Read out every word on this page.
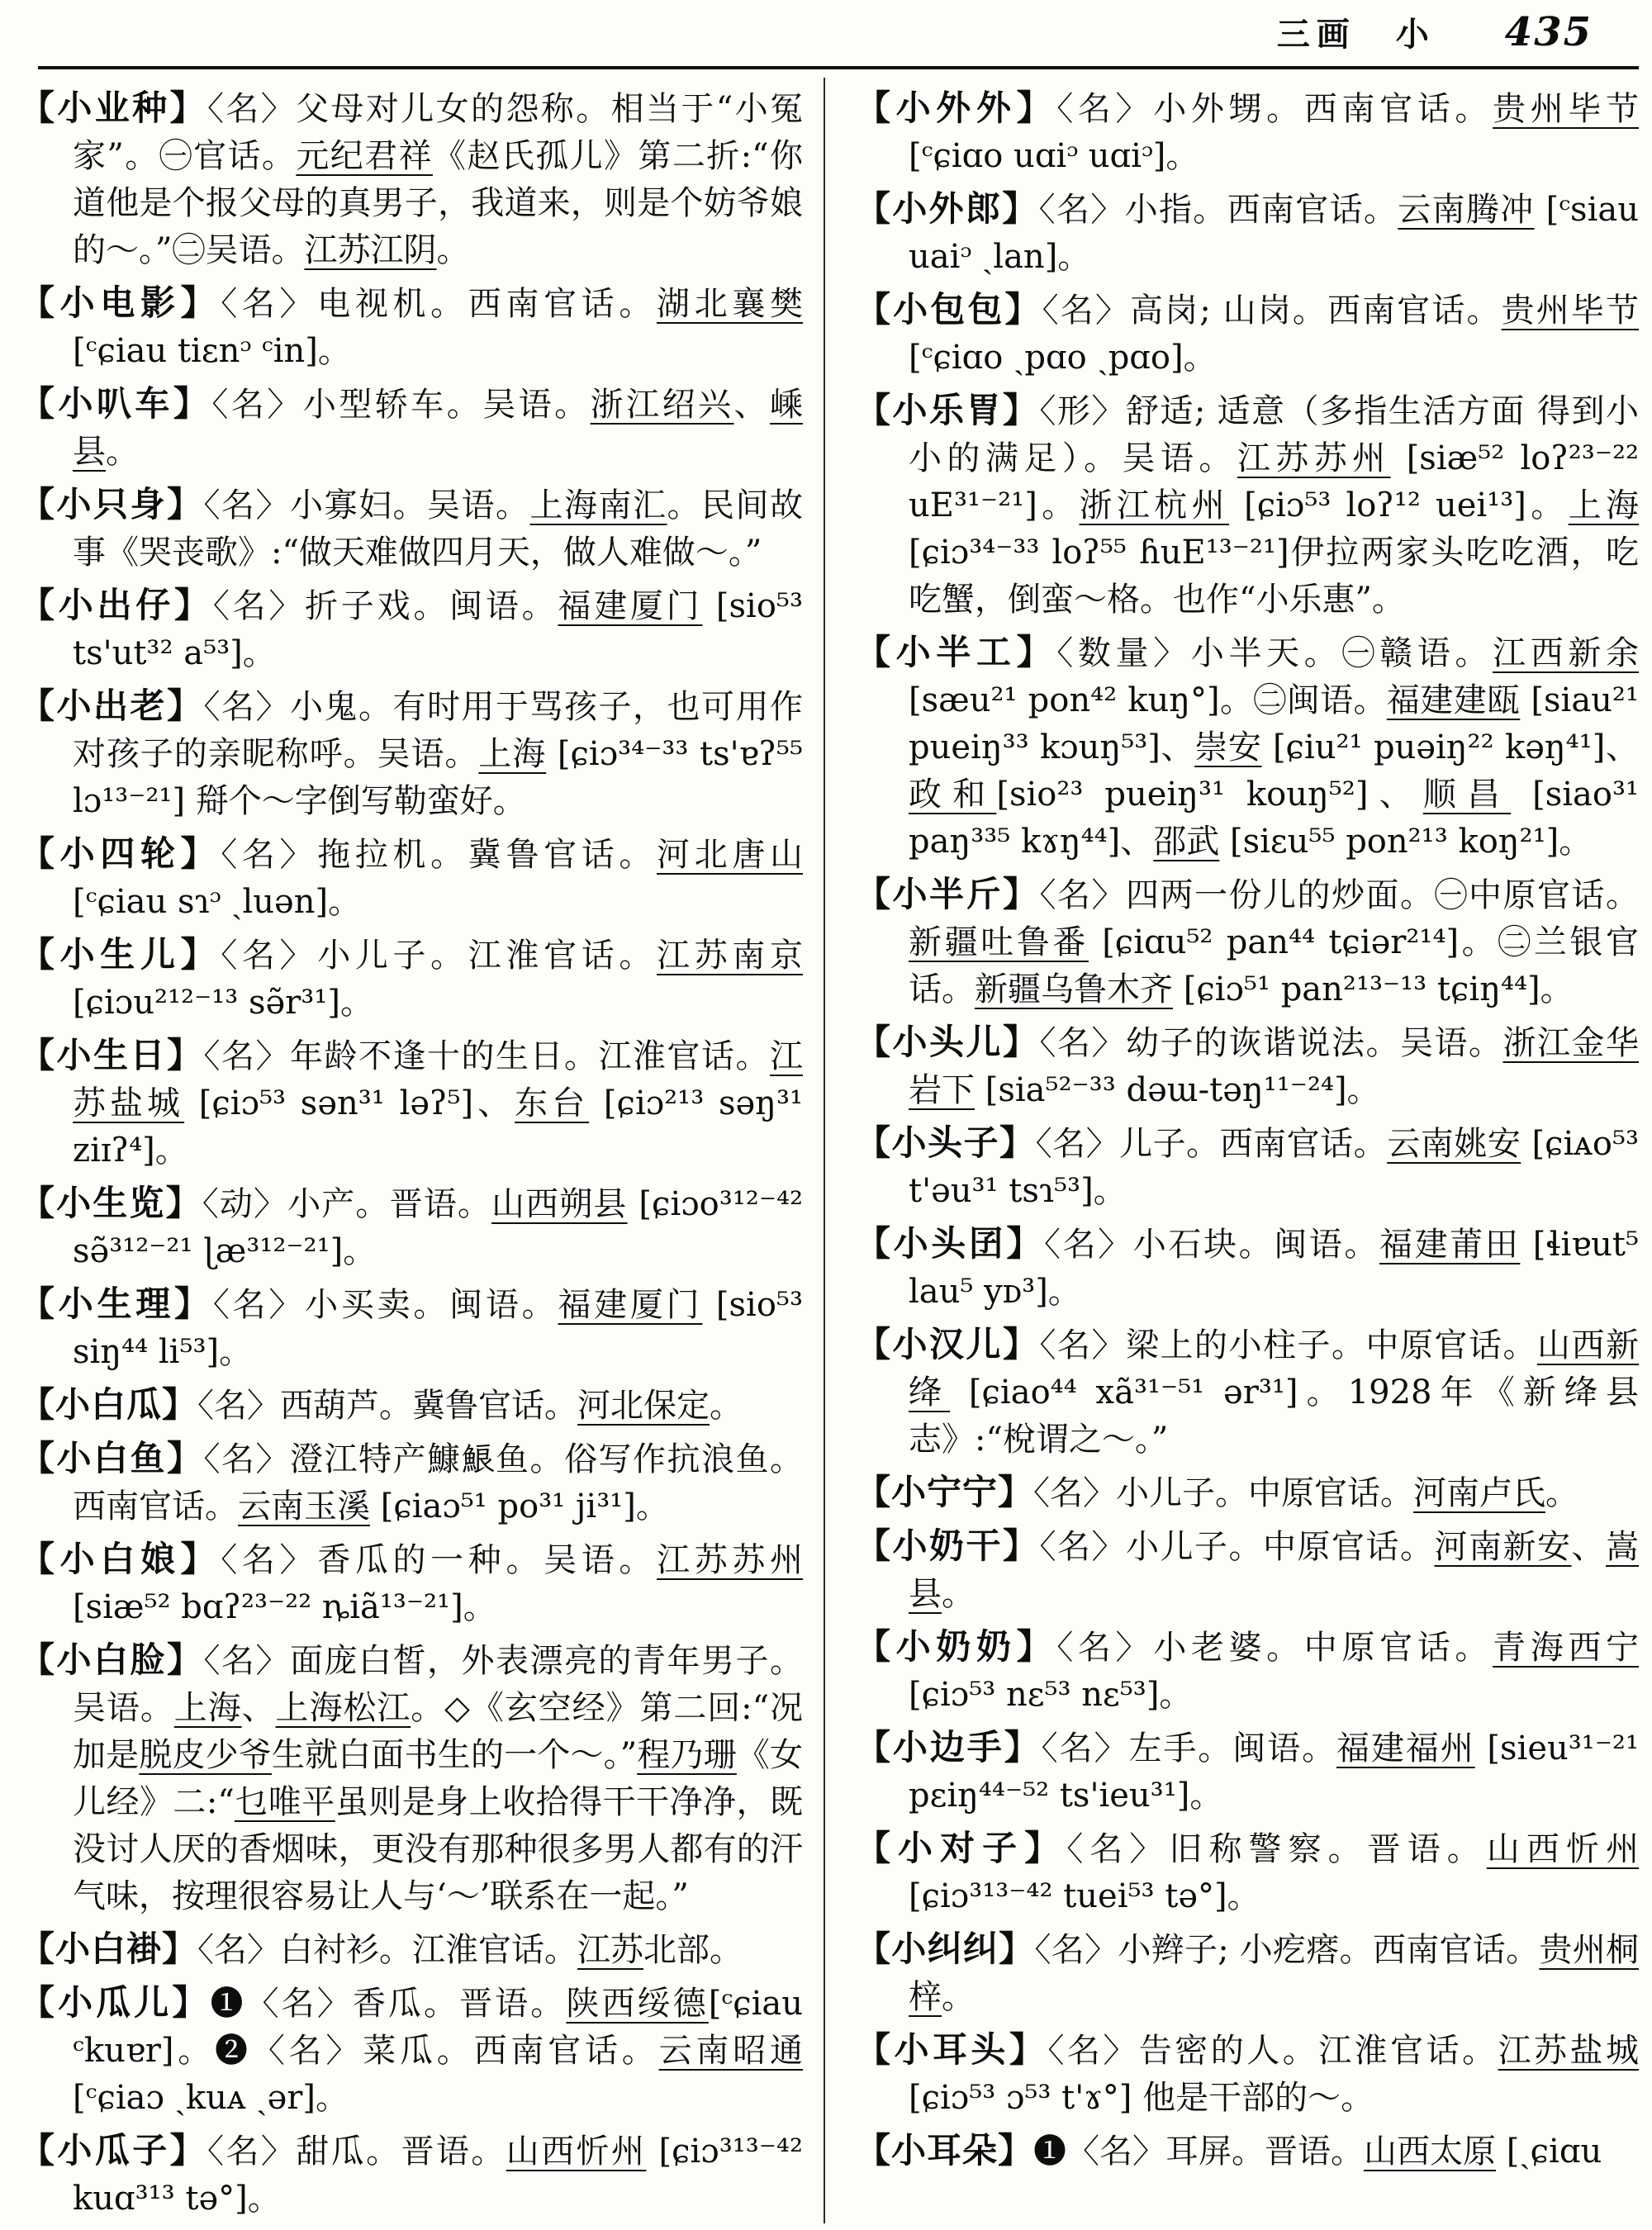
三画 小 435
【小业种】〈名〉父母对儿女的怨称。相当于“小冤家”。㊀官话。元纪君祥《赵氏孤儿》第二折:“你道他是个报父母的真男子，我道来，则是个妨爷娘的～。”㊁吴语。江苏江阴。
【小电影】〈名〉电视机。西南官话。湖北襄樊 [ᶜɕiau tiɛnᵓ ᶜin]。
【小叭车】〈名〉小型轿车。吴语。浙江绍兴、嵊县。
【小只身】〈名〉小寡妇。吴语。上海南汇。民间故事《哭丧歌》:“做天难做四月天，做人难做～。”
【小出仔】〈名〉折子戏。闽语。福建厦门 [sio⁵³ ts'ut³² a⁵³]。
【小出老】〈名〉小鬼。有时用于骂孩子，也可用作对孩子的亲昵称呼。吴语。上海 [ɕiɔ³⁴⁻³³ ts'ɐʔ⁵⁵ lɔ¹³⁻²¹] 搿个～字倒写勒蛮好。
【小四轮】〈名〉拖拉机。冀鲁官话。河北唐山 [ᶜɕiau sɿᵓ ˎluən]。
【小生儿】〈名〉小儿子。江淮官话。江苏南京 [ɕiɔu²¹²⁻¹³ sə̃r³¹]。
【小生日】〈名〉年龄不逢十的生日。江淮官话。江苏盐城 [ɕiɔ⁵³ sən³¹ ləʔ⁵]、东台 [ɕiɔ²¹³ səŋ³¹ ziɪʔ⁴]。
【小生览】〈动〉小产。晋语。山西朔县 [ɕiɔo³¹²⁻⁴² sə̃³¹²⁻²¹ ɭæ³¹²⁻²¹]。
【小生理】〈名〉小买卖。闽语。福建厦门 [sio⁵³ siŋ⁴⁴ li⁵³]。
【小白瓜】〈名〉西葫芦。冀鲁官话。河北保定。
【小白鱼】〈名〉澄江特产鱇𩷕鱼。俗写作抗浪鱼。西南官话。云南玉溪 [ɕiaɔ⁵¹ po³¹ ji³¹]。
【小白娘】〈名〉香瓜的一种。吴语。江苏苏州 [siæ⁵² bɑʔ²³⁻²² ȵiã¹³⁻²¹]。
【小白脸】〈名〉面庞白皙，外表漂亮的青年男子。吴语。上海、上海松江。◇《玄空经》第二回:“况加是脱皮少爷生就白面书生的一个～。”程乃珊《女儿经》二:“乜唯平虽则是身上收拾得干干净净，既没讨人厌的香烟味，更没有那种很多男人都有的汗气味，按理很容易让人与‘～’联系在一起。”
【小白褂】〈名〉白衬衫。江淮官话。江苏北部。
【小瓜儿】❶〈名〉香瓜。晋语。陕西绥德[ᶜɕiau ᶜkuɐr]。❷〈名〉菜瓜。西南官话。云南昭通 [ᶜɕiaɔ ˎkuᴀ ˏər]。
【小瓜子】〈名〉甜瓜。晋语。山西忻州 [ɕiɔ³¹³⁻⁴² kuɑ³¹³ tə°]。
【小外外】〈名〉小外甥。西南官话。贵州毕节 [ᶜɕiɑo uɑiᵓ uɑiᵓ]。
【小外郎】〈名〉小指。西南官话。云南腾冲 [ᶜsiau uaiᵓ ˎlan]。
【小包包】〈名〉高岗; 山岗。西南官话。贵州毕节 [ᶜɕiɑo ˎpɑo ˎpɑo]。
【小乐胃】〈形〉舒适; 适意（多指生活方面 得到小小的满足）。吴语。江苏苏州 [siæ⁵² loʔ²³⁻²² uE³¹⁻²¹]。浙江杭州 [ɕiɔ⁵³ loʔ¹² uei¹³]。上海 [ɕiɔ³⁴⁻³³ loʔ⁵⁵ ɦuE¹³⁻²¹]伊拉两家头吃吃酒，吃吃蟹，倒蛮～格。也作“小乐惠”。
【小半工】〈数量〉小半天。㊀赣语。江西新余 [sæu²¹ pon⁴² kuŋ°]。㊁闽语。福建建瓯 [siau²¹ pueiŋ³³ kɔuŋ⁵³]、崇安 [ɕiu²¹ puəiŋ²² kəŋ⁴¹]、政和[sio²³ pueiŋ³¹ kouŋ⁵²]、顺昌 [siao³¹ paŋ³³⁵ kɤŋ⁴⁴]、邵武 [siɛu⁵⁵ pon²¹³ koŋ²¹]。
【小半斤】〈名〉四两一份儿的炒面。㊀中原官话。新疆吐鲁番 [ɕiɑu⁵² pan⁴⁴ tɕiər²¹⁴]。㊁兰银官话。新疆乌鲁木齐 [ɕiɔ⁵¹ pan²¹³⁻¹³ tɕiŋ⁴⁴]。
【小头儿】〈名〉幼子的诙谐说法。吴语。浙江金华岩下 [sia⁵²⁻³³ dəɯ-təŋ¹¹⁻²⁴]。
【小头子】〈名〉儿子。西南官话。云南姚安 [ɕiᴀo⁵³ t'əu³¹ tsɿ⁵³]。
【小头囝】〈名〉小石块。闽语。福建莆田 [ɬiɐut⁵ lau⁵ yᴅ³]。
【小汉儿】〈名〉梁上的小柱子。中原官话。山西新绛 [ɕiao⁴⁴ xã³¹⁻⁵¹ ər³¹]。1928年《新绛县志》:“梲谓之～。”
【小宁宁】〈名〉小儿子。中原官话。河南卢氏。
【小奶干】〈名〉小儿子。中原官话。河南新安、嵩县。
【小奶奶】〈名〉小老婆。中原官话。青海西宁 [ɕiɔ⁵³ nɛ⁵³ nɛ⁵³]。
【小边手】〈名〉左手。闽语。福建福州 [sieu³¹⁻²¹ pɛiŋ⁴⁴⁻⁵² ts'ieu³¹]。
【小对子】〈名〉旧称警察。晋语。山西忻州 [ɕiɔ³¹³⁻⁴² tuei⁵³ tə°]。
【小纠纠】〈名〉小辫子; 小疙瘩。西南官话。贵州桐梓。
【小耳头】〈名〉告密的人。江淮官话。江苏盐城 [ɕiɔ⁵³ ɔ⁵³ t'ɤ°] 他是干部的～。
【小耳朵】❶〈名〉耳屏。晋语。山西太原 [ˎɕiɑu
